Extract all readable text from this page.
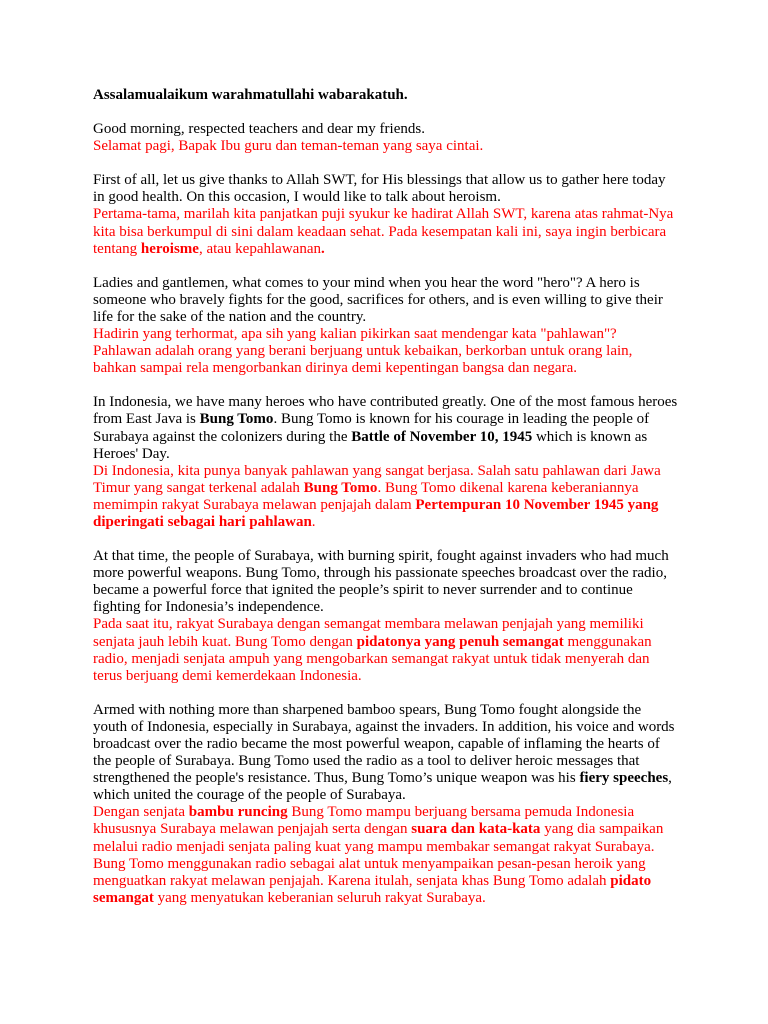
Assalamualaikum warahmatullahi wabarakatuh.

Good morning, respected teachers and dear my friends.

Selamat pagi, Bapak Ibu guru dan teman-teman yang saya cintai.

First of all, let us give thanks to Allah SWT, for His blessings that allow us to gather here today in good health. On this occasion, I would like to talk about heroism.

Pertama-tama, marilah kita panjatkan puji syukur ke hadirat Allah SWT, karena atas rahmat-Nya kita bisa berkumpul di sini dalam keadaan sehat. Pada kesempatan kali ini, saya ingin berbicara tentang heroisme, atau kepahlawanan.

Ladies and gantlemen, what comes to your mind when you hear the word "hero"? A hero is someone who bravely fights for the good, sacrifices for others, and is even willing to give their life for the sake of the nation and the country.

Hadirin yang terhormat, apa sih yang kalian pikirkan saat mendengar kata "pahlawan"? Pahlawan adalah orang yang berani berjuang untuk kebaikan, berkorban untuk orang lain, bahkan sampai rela mengorbankan dirinya demi kepentingan bangsa dan negara.

In Indonesia, we have many heroes who have contributed greatly. One of the most famous heroes from East Java is Bung Tomo. Bung Tomo is known for his courage in leading the people of Surabaya against the colonizers during the Battle of November 10, 1945 which is known as Heroes' Day.

Di Indonesia, kita punya banyak pahlawan yang sangat berjasa. Salah satu pahlawan dari Jawa Timur yang sangat terkenal adalah Bung Tomo. Bung Tomo dikenal karena keberaniannya memimpin rakyat Surabaya melawan penjajah dalam Pertempuran 10 November 1945 yang diperingati sebagai hari pahlawan.

At that time, the people of Surabaya, with burning spirit, fought against invaders who had much more powerful weapons. Bung Tomo, through his passionate speeches broadcast over the radio, became a powerful force that ignited the people’s spirit to never surrender and to continue fighting for Indonesia’s independence.

Pada saat itu, rakyat Surabaya dengan semangat membara melawan penjajah yang memiliki senjata jauh lebih kuat. Bung Tomo dengan pidatonya yang penuh semangat menggunakan radio, menjadi senjata ampuh yang mengobarkan semangat rakyat untuk tidak menyerah dan terus berjuang demi kemerdekaan Indonesia.

Armed with nothing more than sharpened bamboo spears, Bung Tomo fought alongside the youth of Indonesia, especially in Surabaya, against the invaders. In addition, his voice and words broadcast over the radio became the most powerful weapon, capable of inflaming the hearts of the people of Surabaya. Bung Tomo used the radio as a tool to deliver heroic messages that strengthened the people's resistance. Thus, Bung Tomo’s unique weapon was his fiery speeches, which united the courage of the people of Surabaya.

Dengan senjata bambu runcing Bung Tomo mampu berjuang bersama pemuda Indonesia khususnya Surabaya melawan penjajah serta dengan suara dan kata-kata yang dia sampaikan melalui radio menjadi senjata paling kuat yang mampu membakar semangat rakyat Surabaya. Bung Tomo menggunakan radio sebagai alat untuk menyampaikan pesan-pesan heroik yang menguatkan rakyat melawan penjajah. Karena itulah, senjata khas Bung Tomo adalah pidato semangat yang menyatukan keberanian seluruh rakyat Surabaya.
